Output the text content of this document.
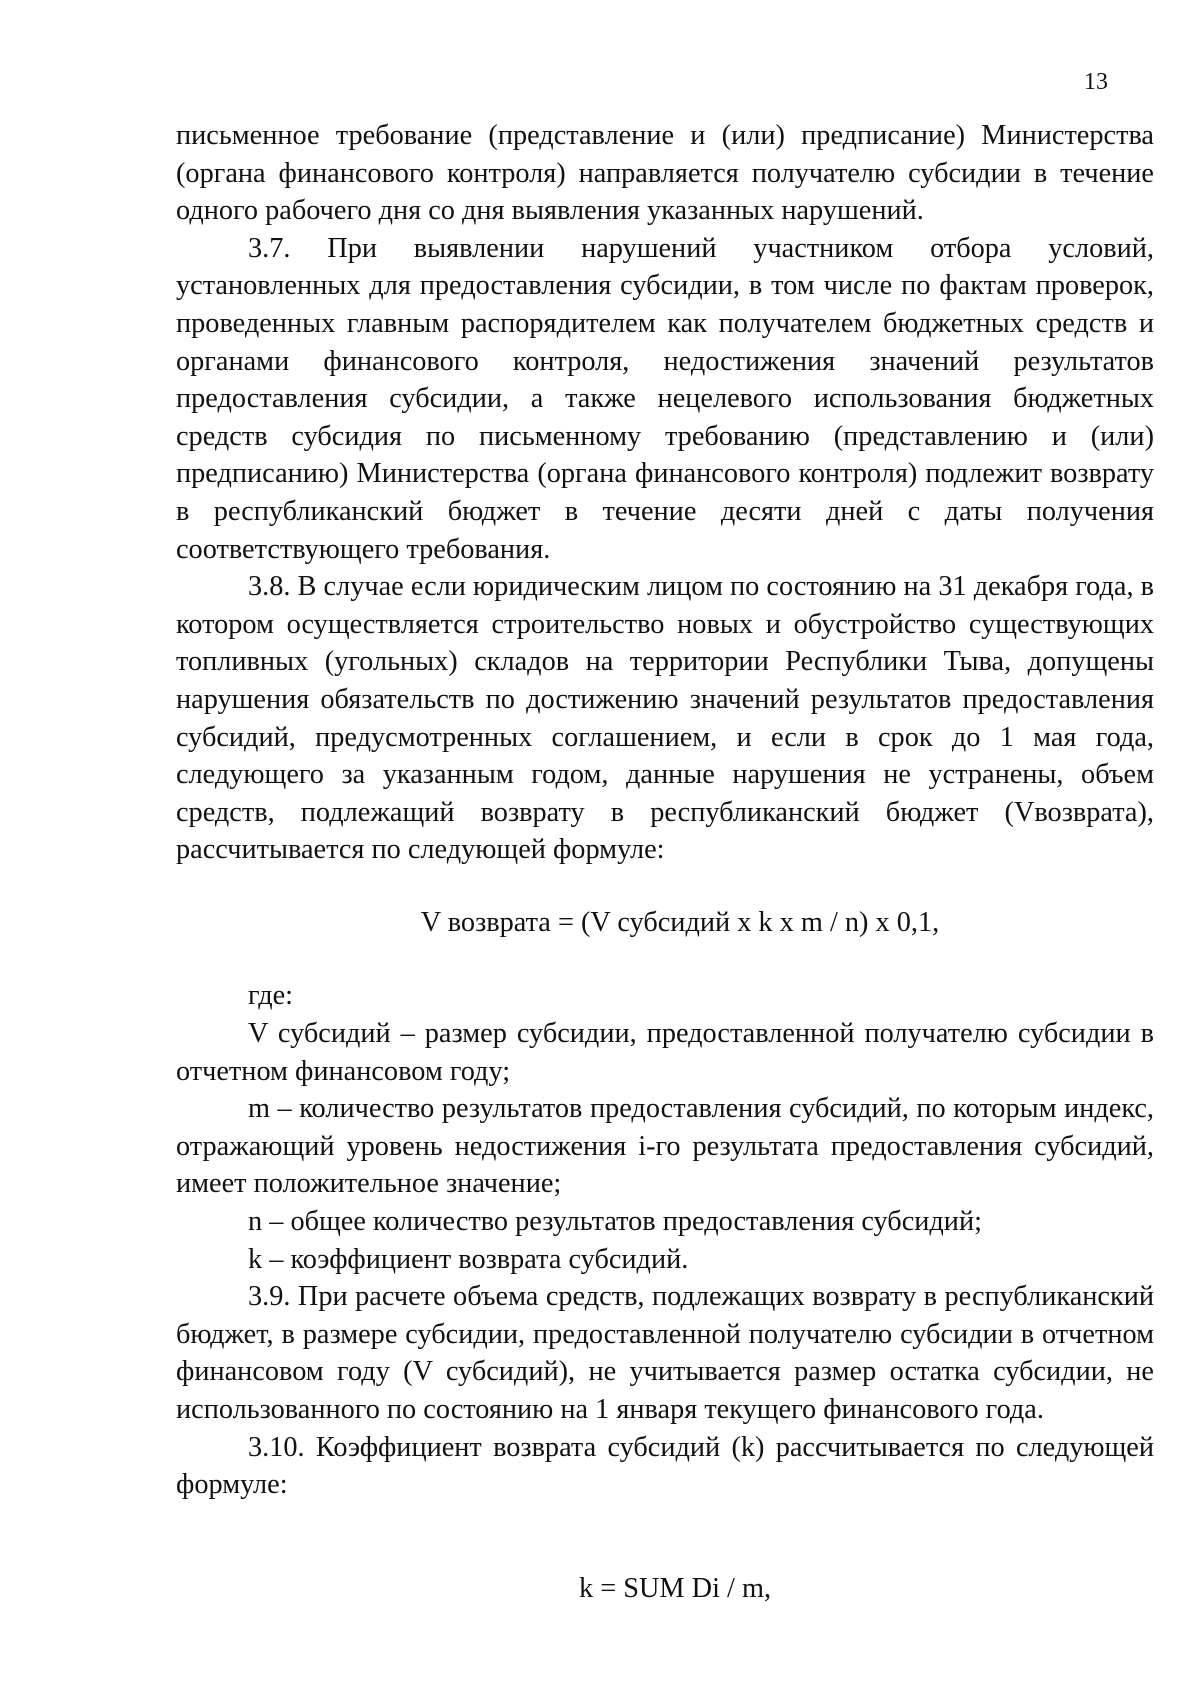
13

письменное требование (представление и (или) предписание) Министерства (органа финансового контроля) направляется получателю субсидии в течение одного рабочего дня со дня выявления указанных нарушений.

3.7. При выявлении нарушений участником отбора условий, установленных для предоставления субсидии, в том числе по фактам проверок, проведенных главным распорядителем как получателем бюджетных средств и органами финансового контроля, недостижения значений результатов предоставления субсидии, а также нецелевого использования бюджетных средств субсидия по письменному требованию (представлению и (или) предписанию) Министерства (органа финансового контроля) подлежит возврату в республиканский бюджет в течение десяти дней с даты получения соответствующего требования.

3.8. В случае если юридическим лицом по состоянию на 31 декабря года, в котором осуществляется строительство новых и обустройство существующих топливных (угольных) складов на территории Республики Тыва, допущены нарушения обязательств по достижению значений результатов предоставления субсидий, предусмотренных соглашением, и если в срок до 1 мая года, следующего за указанным годом, данные нарушения не устранены, объем средств, подлежащий возврату в республиканский бюджет (Vвозврата), рассчитывается по следующей формуле:

V возврата = (V субсидий х k х m / n) х 0,1,

где:

V субсидий – размер субсидии, предоставленной получателю субсидии в отчетном финансовом году;

m – количество результатов предоставления субсидий, по которым индекс, отражающий уровень недостижения i-го результата предоставления субсидий, имеет положительное значение;

n – общее количество результатов предоставления субсидий;

k – коэффициент возврата субсидий.

3.9. При расчете объема средств, подлежащих возврату в республиканский бюджет, в размере субсидии, предоставленной получателю субсидии в отчетном финансовом году (V субсидий), не учитывается размер остатка субсидии, не использованного по состоянию на 1 января текущего финансового года.

3.10. Коэффициент возврата субсидий (k) рассчитывается по следующей формуле:

k = SUM Di / m,
